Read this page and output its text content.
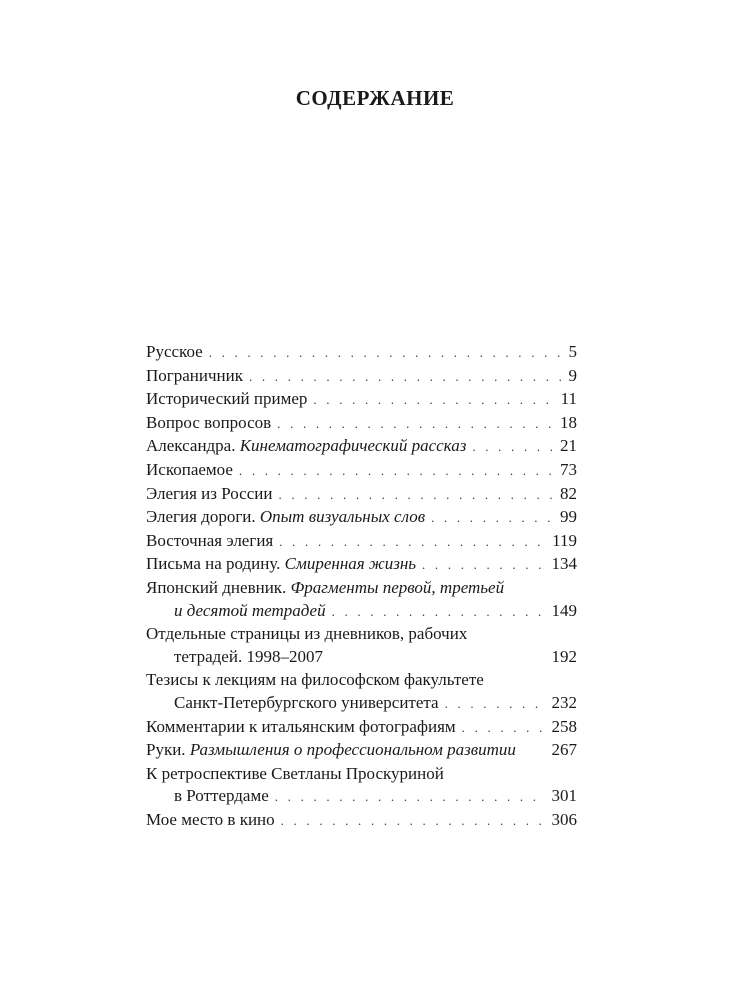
СОДЕРЖАНИЕ
Русское . . .	5
Пограничник . . .	9
Исторический пример . . .	11
Вопрос вопросов . . .	18
Александра. Кинематографический рассказ . . .	21
Ископаемое . . .	73
Элегия из России . . .	82
Элегия дороги. Опыт визуальных слов . . .	99
Восточная элегия . . .	119
Письма на родину. Смиренная жизнь . . .	134
Японский дневник. Фрагменты первой, третьей
и десятой тетрадей . . .	149
Отдельные страницы из дневников, рабочих
тетрадей. 1998–2007	192
Тезисы к лекциям на философском факультете
Санкт-Петербургского университета . . .	232
Комментарии к итальянским фотографиям . . .	258
Руки. Размышления о профессиональном развитии 267
К ретроспективе Светланы Проскуриной
в Роттердаме . . .	301
Мое место в кино . . .	306
